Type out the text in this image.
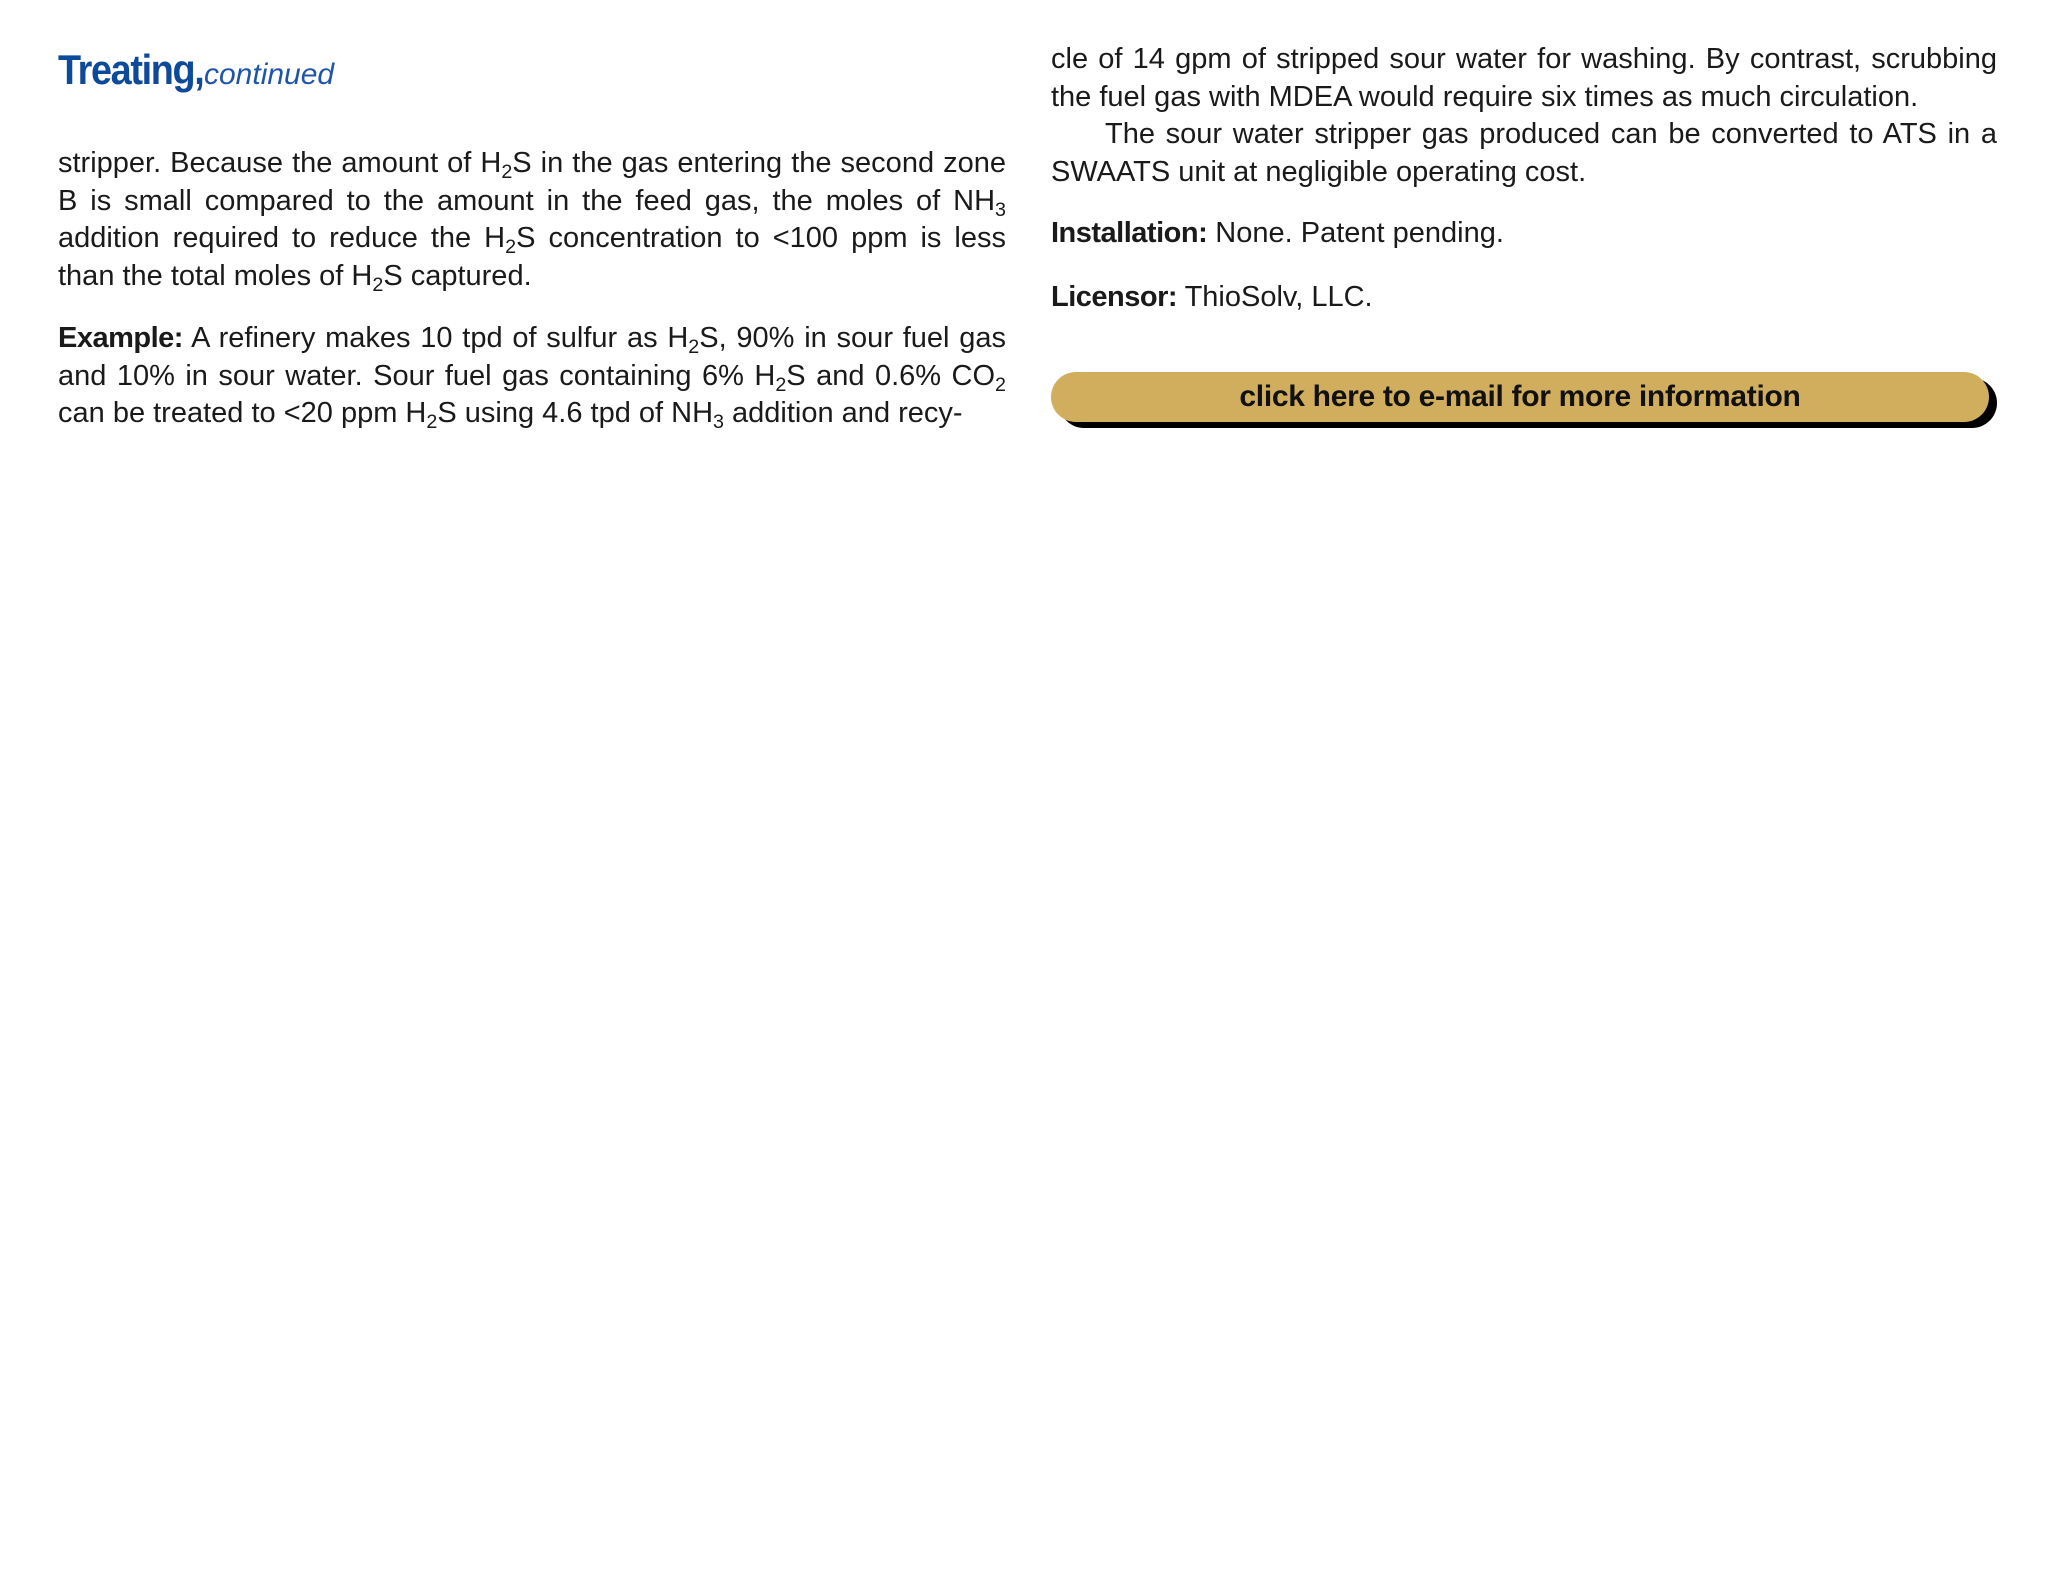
Treating, continued

stripper. Because the amount of $H_2S$ in the gas entering the second zone B is small compared to the amount in the feed gas, the moles of $NH_3$ addition required to reduce the $H_2S$ concentration to <100 ppm is less than the total moles of $H_2S$ captured.

Example: A refinery makes 10 tpd of sulfur as $H_2S$, 90% in sour fuel gas and 10% in sour water. Sour fuel gas containing 6% $H_2S$ and 0.6% $CO_2$ can be treated to <20 ppm $H_2S$ using 4.6 tpd of $NH_3$ addition and recy-

cle of 14 gpm of stripped sour water for washing. By contrast, scrubbing the fuel gas with MDEA would require six times as much circulation.

The sour water stripper gas produced can be converted to ATS in a SWAATS unit at negligible operating cost.

Installation: None. Patent pending.

Licensor: ThioSolv, LLC.

click here to e-mail for more information
